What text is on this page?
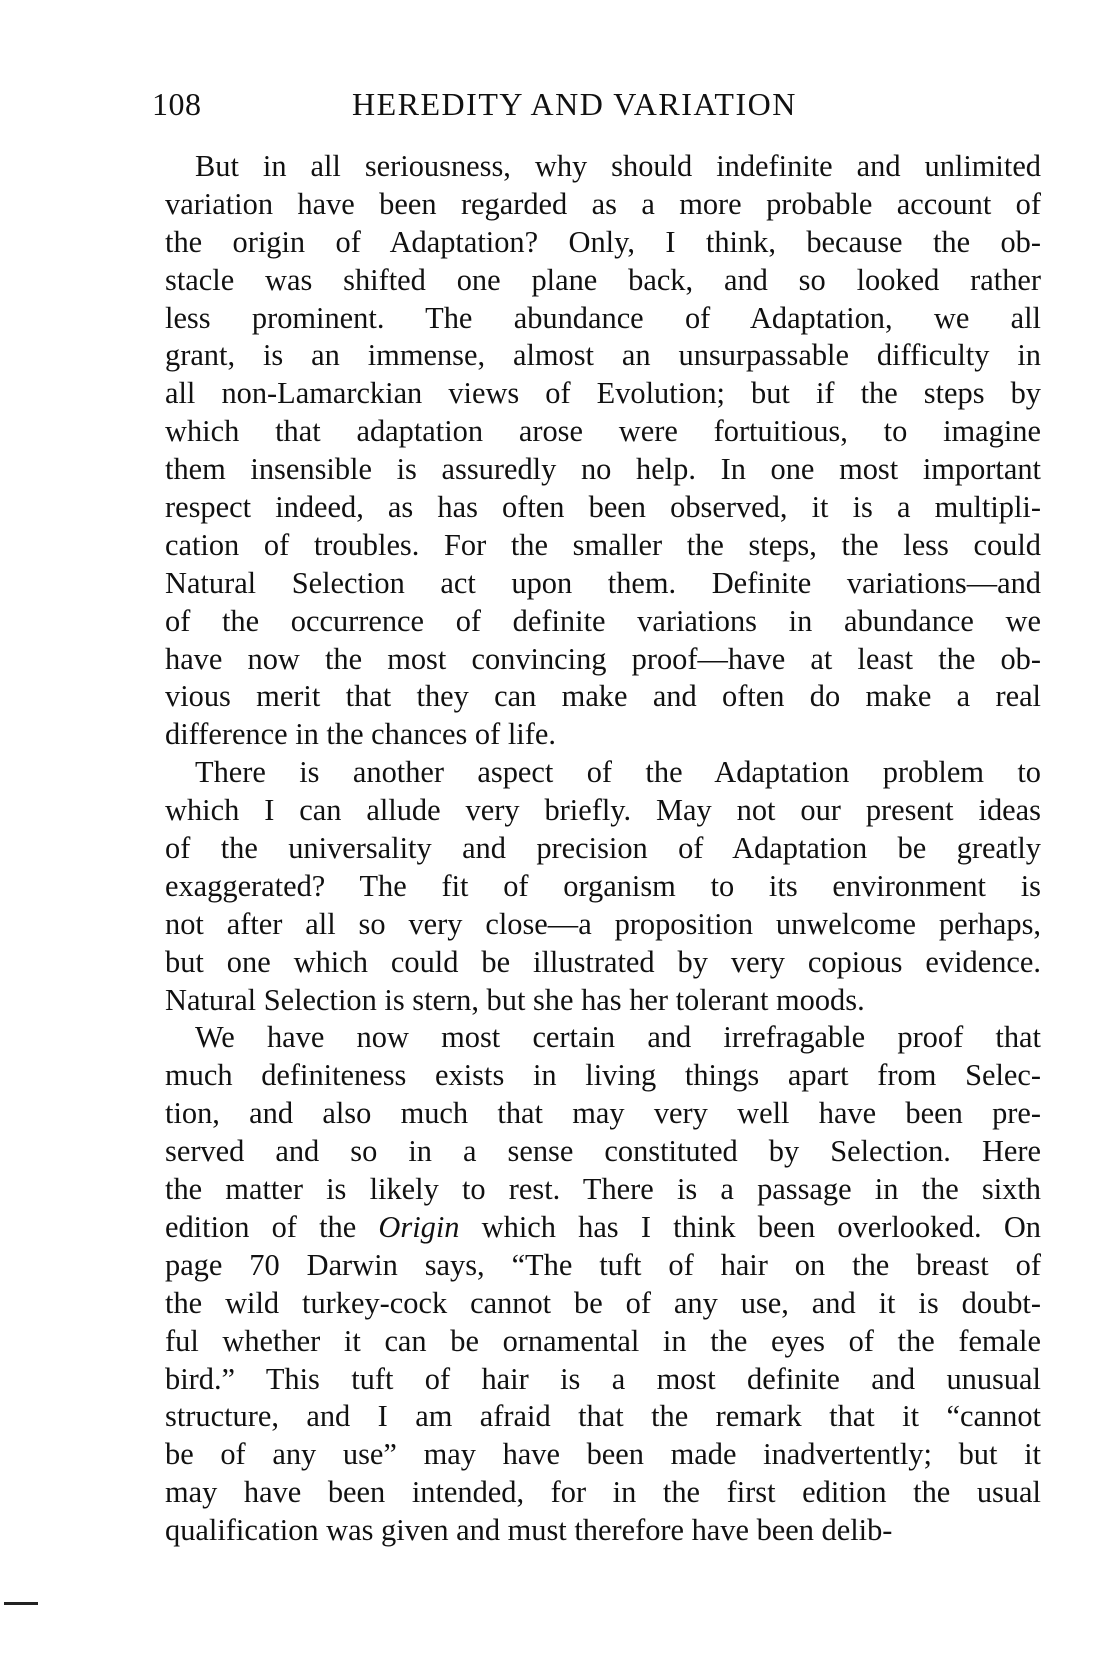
108	HEREDITY AND VARIATION
But in all seriousness, why should indefinite and unlimited
variation have been regarded as a more probable account of
the origin of Adaptation? Only, I think, because the ob-
stacle was shifted one plane back, and so looked rather
less prominent. The abundance of Adaptation, we all
grant, is an immense, almost an unsurpassable difficulty in
all non-Lamarckian views of Evolution; but if the steps by
which that adaptation arose were fortuitious, to imagine
them insensible is assuredly no help. In one most important
respect indeed, as has often been observed, it is a multipli-
cation of troubles. For the smaller the steps, the less could
Natural Selection act upon them. Definite variations—and
of the occurrence of definite variations in abundance we
have now the most convincing proof—have at least the ob-
vious merit that they can make and often do make a real
difference in the chances of life.
There is another aspect of the Adaptation problem to
which I can allude very briefly. May not our present ideas
of the universality and precision of Adaptation be greatly
exaggerated? The fit of organism to its environment is
not after all so very close—a proposition unwelcome perhaps,
but one which could be illustrated by very copious evidence.
Natural Selection is stern, but she has her tolerant moods.
We have now most certain and irrefragable proof that
much definiteness exists in living things apart from Selec-
tion, and also much that may very well have been pre-
served and so in a sense constituted by Selection. Here
the matter is likely to rest. There is a passage in the sixth
edition of the Origin which has I think been overlooked. On
page 70 Darwin says, “The tuft of hair on the breast of
the wild turkey-cock cannot be of any use, and it is doubt-
ful whether it can be ornamental in the eyes of the female
bird.” This tuft of hair is a most definite and unusual
structure, and I am afraid that the remark that it “cannot
be of any use” may have been made inadvertently; but it
may have been intended, for in the first edition the usual
qualification was given and must therefore have been delib-
